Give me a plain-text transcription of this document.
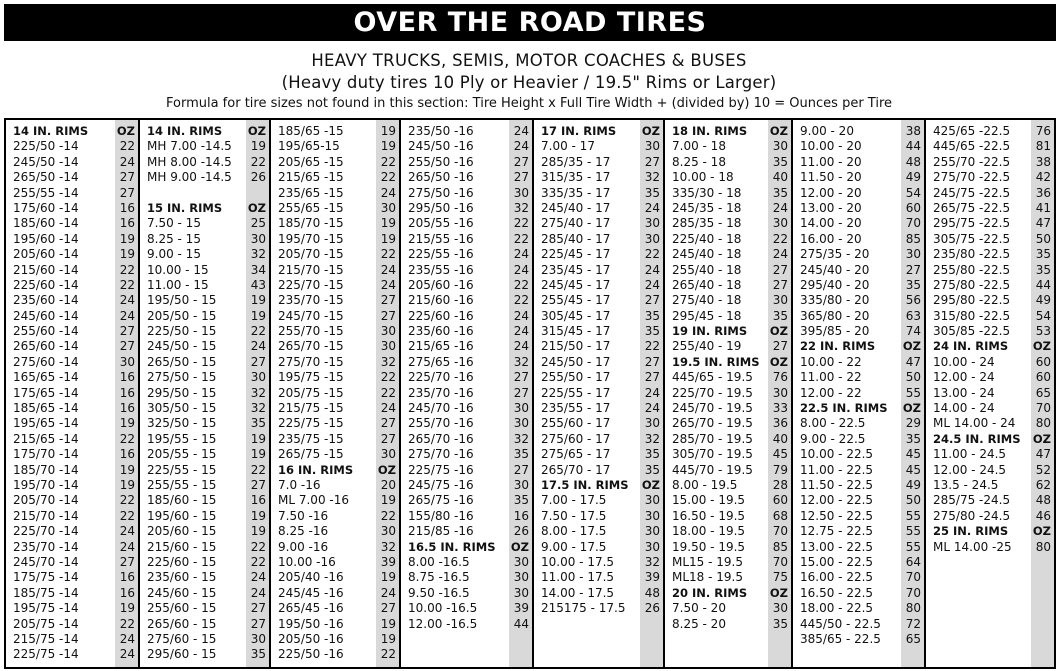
OVER THE ROAD TIRES
HEAVY TRUCKS, SEMIS, MOTOR COACHES & BUSES
(Heavy duty tires 10 Ply or Heavier / 19.5" Rims or Larger)
Formula for tire sizes not found in this section: Tire Height x Full Tire Width + (divided by) 10 = Ounces per Tire
14 IN. RIMS OZ
225/50 -14	22
245/50 -14	24
265/50 -14	27
255/55 -14	27
175/60 -14	16
185/60 -14	16
195/60 -14	19
205/60 -14	19
215/60 -14	22
225/60 -14	22
235/60 -14	24
245/60 -14	24
255/60 -14	27
265/60 -14	27
275/60 -14	30
165/65 -14	16
175/65 -14	16
185/65 -14	16
195/65 -14	19
215/65 -14	22
175/70 -14	16
185/70 -14	19
195/70 -14	19
205/70 -14	22
215/70 -14	22
225/70 -14	24
235/70 -14	24
245/70 -14	27
175/75 -14	16
185/75 -14	16
195/75 -14	19
205/75 -14	22
215/75 -14	24
225/75 -14	24
14 IN. RIMS OZ
MH 7.00 -14.5	19
MH 8.00 -14.5	22
MH 9.00 -14.5	26
15 IN. RIMS OZ
7.50 - 15	25
8.25 - 15	30
9.00 - 15	32
10.00 - 15	34
11.00 - 15	43
195/50 - 15	19
205/50 - 15	19
225/50 - 15	22
245/50 - 15	24
265/50 - 15	27
275/50 - 15	30
295/50 - 15	32
305/50 - 15	32
325/50 - 15	35
195/55 - 15	19
205/55 - 15	19
225/55 - 15	22
255/55 - 15	27
185/60 - 15	16
195/60 - 15	19
205/60 - 15	19
215/60 - 15	22
225/60 - 15	22
235/60 - 15	24
245/60 - 15	24
255/60 - 15	27
265/60 - 15	27
275/60 - 15	30
295/60 - 15	35
185/65 -15	19
195/65-15	19
205/65 -15	22
215/65 -15	22
235/65 -15	24
255/65 -15	30
185/70 -15	19
195/70 -15	19
205/70 -15	22
215/70 -15	24
225/70 -15	24
235/70 -15	27
245/70 -15	27
255/70 -15	30
265/70 -15	30
275/70 -15	32
195/75 -15	22
205/75 -15	22
215/75 -15	24
225/75 -15	27
235/75 -15	27
265/75 -15	30
16 IN. RIMS OZ
7.0 -16	20
ML 7.00 -16	19
7.50 -16	22
8.25 -16	30
9.00 -16	32
10.00 -16	39
205/40 -16	19
245/45 -16	24
265/45 -16	27
195/50 -16	19
205/50 -16	19
225/50 -16	22
235/50 -16	24
245/50 -16	24
255/50 -16	27
265/50 -16	27
275/50 -16	30
295/50 -16	32
205/55 -16	22
215/55 -16	22
225/55 -16	24
235/55 -16	24
205/60 -16	22
215/60 -16	22
225/60 -16	24
235/60 -16	24
215/65 -16	24
275/65 -16	32
225/70 -16	27
235/70 -16	27
245/70 -16	30
255/70 -16	30
265/70 -16	32
275/70 -16	35
225/75 -16	27
245/75 -16	30
265/75 -16	35
155/80 -16	16
215/85 -16	26
16.5 IN. RIMS OZ
8.00 -16.5	30
8.75 -16.5	30
9.50 -16.5	30
10.00 -16.5	39
12.00 -16.5	44
17 IN. RIMS OZ
7.00 - 17	30
285/35 - 17	27
315/35 - 17	32
335/35 - 17	35
245/40 - 17	24
275/40 - 17	30
285/40 - 17	30
225/45 - 17	22
235/45 - 17	24
245/45 - 17	24
255/45 - 17	27
305/45 - 17	35
315/45 - 17	35
215/50 - 17	22
245/50 - 17	27
255/50 - 17	27
225/55 - 17	24
235/55 - 17	24
255/60 - 17	30
275/60 - 17	32
275/65 - 17	35
265/70 - 17	35
17.5 IN. RIMS OZ
7.00 - 17.5	30
7.50 - 17.5	30
8.00 - 17.5	30
9.00 - 17.5	30
10.00 - 17.5	32
11.00 - 17.5	39
14.00 - 17.5	48
215175 - 17.5	26
18 IN. RIMS OZ
7.00 - 18	30
8.25 - 18	35
10.00 - 18	40
335/30 - 18	35
245/35 - 18	24
285/35 - 18	30
225/40 - 18	22
245/40 - 18	24
255/40 - 18	27
265/40 - 18	27
275/40 - 18	30
295/45 - 18	35
19 IN. RIMS OZ
255/40 - 19	27
19.5 IN. RIMS OZ
445/65 - 19.5	76
225/70 - 19.5	30
245/70 - 19.5	33
265/70 - 19.5	36
285/70 - 19.5	40
305/70 - 19.5	45
445/70 - 19.5	79
8.00 - 19.5	28
15.00 - 19.5	60
16.50 - 19.5	68
18.00 - 19.5	70
19.50 - 19.5	85
ML15 - 19.5	70
ML18 - 19.5	75
20 IN. RIMS OZ
7.50 - 20	30
8.25 - 20	35
9.00 - 20	38
10.00 - 20	44
11.00 - 20	48
11.50 - 20	49
12.00 - 20	54
13.00 - 20	60
14.00 - 20	70
16.00 - 20	85
275/35 - 20	30
245/40 - 20	27
295/40 - 20	35
335/80 - 20	56
365/80 - 20	63
395/85 - 20	74
22 IN. RIMS OZ
10.00 - 22	47
11.00 - 22	50
12.00 - 22	55
22.5 IN. RIMS OZ
8.00 - 22.5	29
9.00 - 22.5	35
10.00 - 22.5	45
11.00 - 22.5	45
11.50 - 22.5	49
12.00 - 22.5	50
12.50 - 22.5	55
12.75 - 22.5	55
13.00 - 22.5	55
15.00 - 22.5	64
16.00 - 22.5	70
16.50 - 22.5	70
18.00 - 22.5	80
445/50 - 22.5	72
385/65 - 22.5	65
425/65 -22.5	76
445/65 -22.5	81
255/70 -22.5	38
275/70 -22.5	42
245/75 -22.5	36
265/75 -22.5	41
295/75 -22.5	47
305/75 -22.5	50
235/80 -22.5	35
255/80 -22.5	35
275/80 -22.5	44
295/80 -22.5	49
315/80 -22.5	54
305/85 -22.5	53
24 IN. RIMS OZ
10.00 - 24	60
12.00 - 24	60
13.00 - 24	65
14.00 - 24	70
ML 14.00 - 24	80
24.5 IN. RIMS OZ
11.00 - 24.5	47
12.00 - 24.5	52
13.5 - 24.5	62
285/75 -24.5	48
275/80 -24.5	46
25 IN. RIMS OZ
ML 14.00 -25	80
